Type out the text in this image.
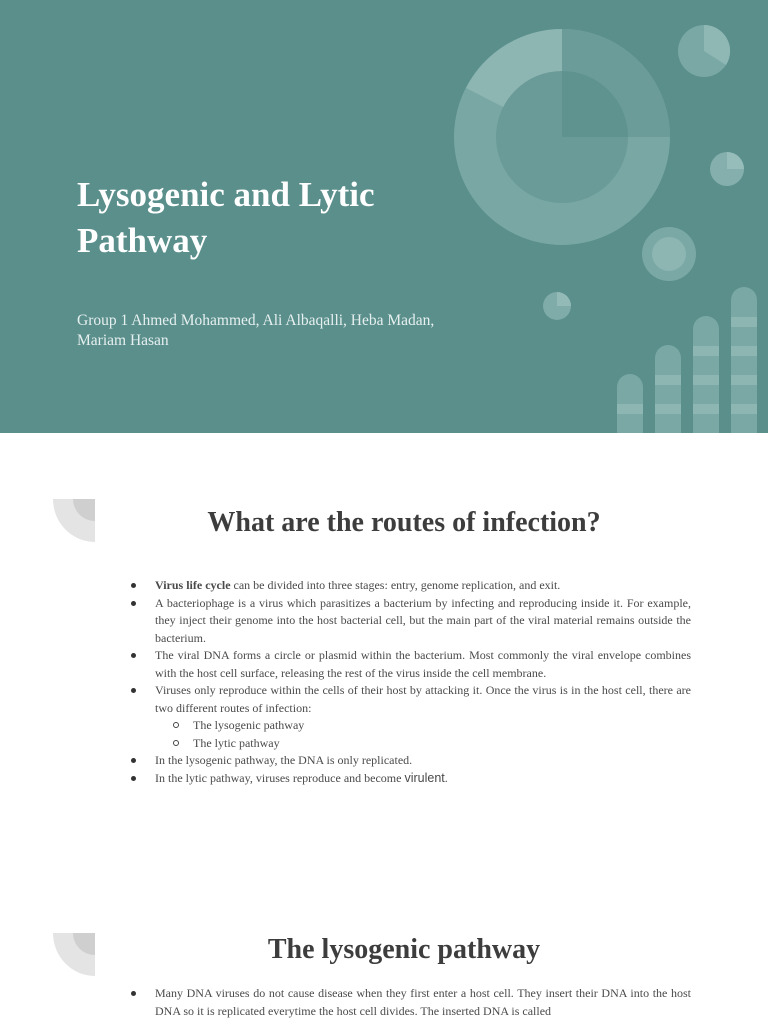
Lysogenic and Lytic Pathway

Group 1 Ahmed Mohammed, Ali Albaqalli, Heba Madan, Mariam Hasan

What are the routes of infection?
Virus life cycle can be divided into three stages: entry, genome replication, and exit.
A bacteriophage is a virus which parasitizes a bacterium by infecting and reproducing inside it. For example, they inject their genome into the host bacterial cell, but the main part of the viral material remains outside the bacterium.
The viral DNA forms a circle or plasmid within the bacterium. Most commonly the viral envelope combines with the host cell surface, releasing the rest of the virus inside the cell membrane.
Viruses only reproduce within the cells of their host by attacking it. Once the virus is in the host cell, there are two different routes of infection:
The lysogenic pathway
The lytic pathway
In the lysogenic pathway, the DNA is only replicated.
In the lytic pathway, viruses reproduce and become virulent.
The lysogenic pathway
Many DNA viruses do not cause disease when they first enter a host cell. They insert their DNA into the host DNA so it is replicated everytime the host cell divides. The inserted DNA is called
